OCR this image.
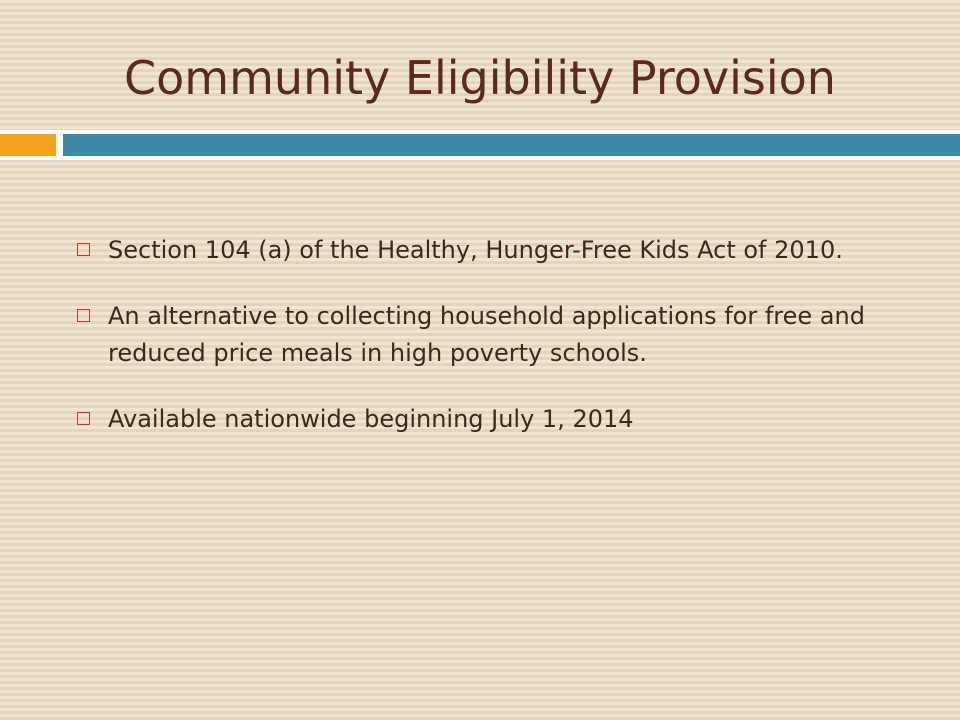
Community Eligibility Provision
Section 104 (a) of the Healthy, Hunger-Free Kids Act of 2010.
An alternative to collecting household applications for free and reduced price meals in high poverty schools.
Available nationwide beginning July 1, 2014
